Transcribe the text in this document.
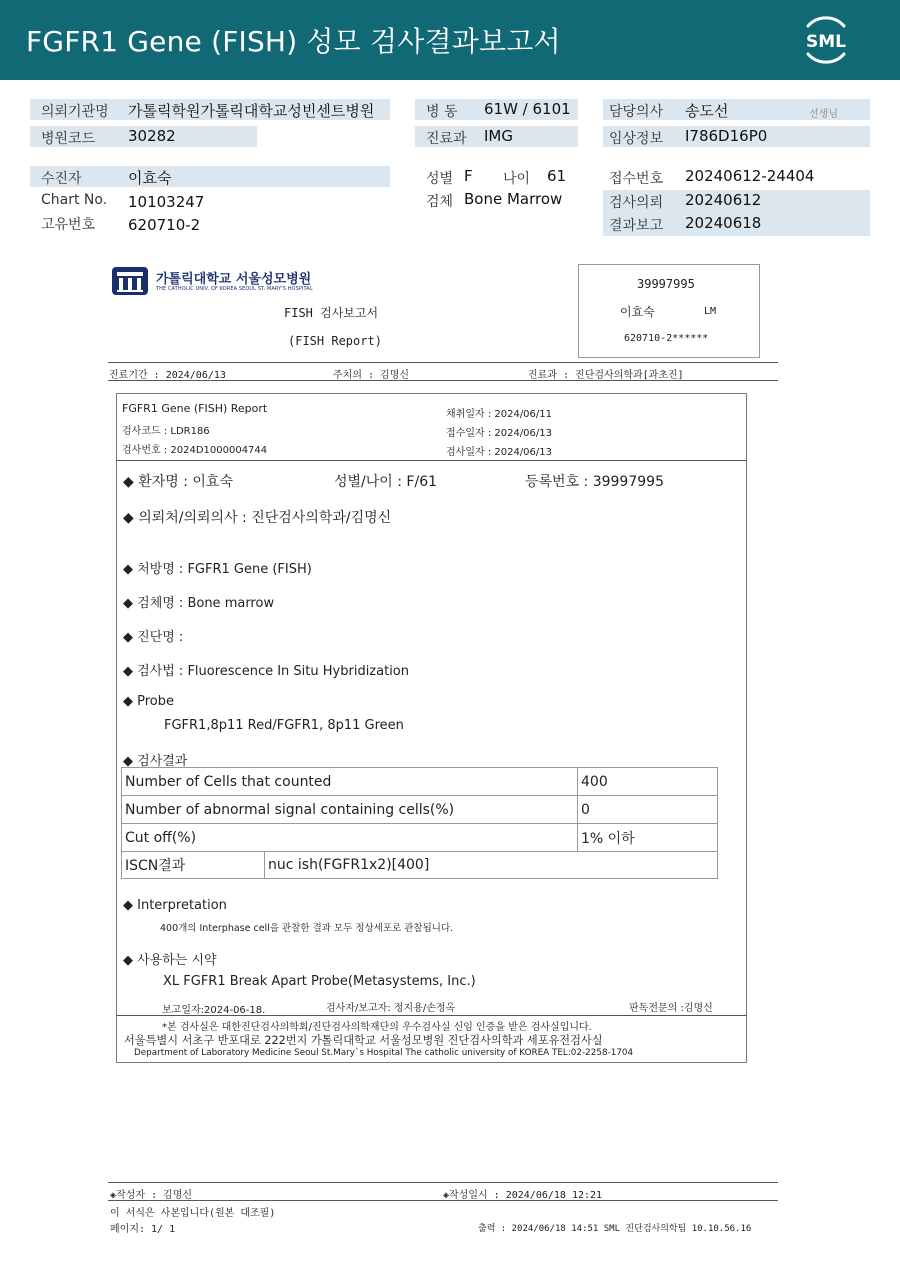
FGFR1 Gene (FISH) 성모 검사결과보고서	SML
의뢰기관명 가톨릭학원가톨릭대학교성빈센트병원
병원코드 30282
수진자	이효숙
Chart No. 10103247
고유번호 620710-2
병 동 61W / 6101
진료과 IMG
성별 F 나이 61
검체 Bone Marrow
담당의사 송도선	선생님
임상정보 I786D16P0
접수번호 20240612-24404
검사의뢰 20240612
결과보고 20240618
가톨릭대학교 서울성모병원
THE CATHOLIC UNIV. OF KOREA SEOUL ST. MARY'S HOSPITAL
FISH 검사보고서
(FISH Report)
39997995
이효숙	LM
620710-2******
진료기간 : 2024/06/13	주치의 : 김명신	진료과 : 진단검사의학과[과초진]
FGFR1 Gene (FISH) Report
검사코드 : LDR186
검사번호 : 2024D1000004744
채취일자 : 2024/06/11
접수일자 : 2024/06/13
검사일자 : 2024/06/13
◆ 환자명 : 이효숙	성별/나이 : F/61	등록번호 : 39997995
◆ 의뢰처/의뢰의사 : 진단검사의학과/김명신
◆ 처방명 : FGFR1 Gene (FISH)
◆ 검체명 : Bone marrow
◆ 진단명 :
◆ 검사법 : Fluorescence In Situ Hybridization
◆ Probe
FGFR1,8p11 Red/FGFR1, 8p11 Green
◆ 검사결과
Number of Cells that counted	400
Number of abnormal signal containing cells(%)	0
Cut off(%)	1% 이하
ISCN결과	nuc ish(FGFR1x2)[400]
◆ Interpretation
400개의 Interphase cell을 관찰한 결과 모두 정상세포로 관찰됩니다.
◆ 사용하는 시약
XL FGFR1 Break Apart Probe(Metasystems, Inc.)
보고일자:2024-06-18.	검사자/보고자: 정지용/손정옥	판독전문의 :김명신
*본 검사실은 대한진단검사의학회/진단검사의학재단의 우수검사실 신임 인증을 받은 검사실입니다.
서울특별시 서초구 반포대로 222번지 가톨릭대학교 서울성모병원 진단검사의학과 세포유전검사실
Department of Laboratory Medicine Seoul St.Mary`s Hospital The catholic university of KOREA TEL:02-2258-1704
◈작성자 : 김명신	◈작성일시 : 2024/06/18 12:21
이 서식은 사본입니다(원본 대조필)
페이지: 1/ 1	출력 : 2024/06/18 14:51 SML 진단검사의학팀 10.10.56.16
